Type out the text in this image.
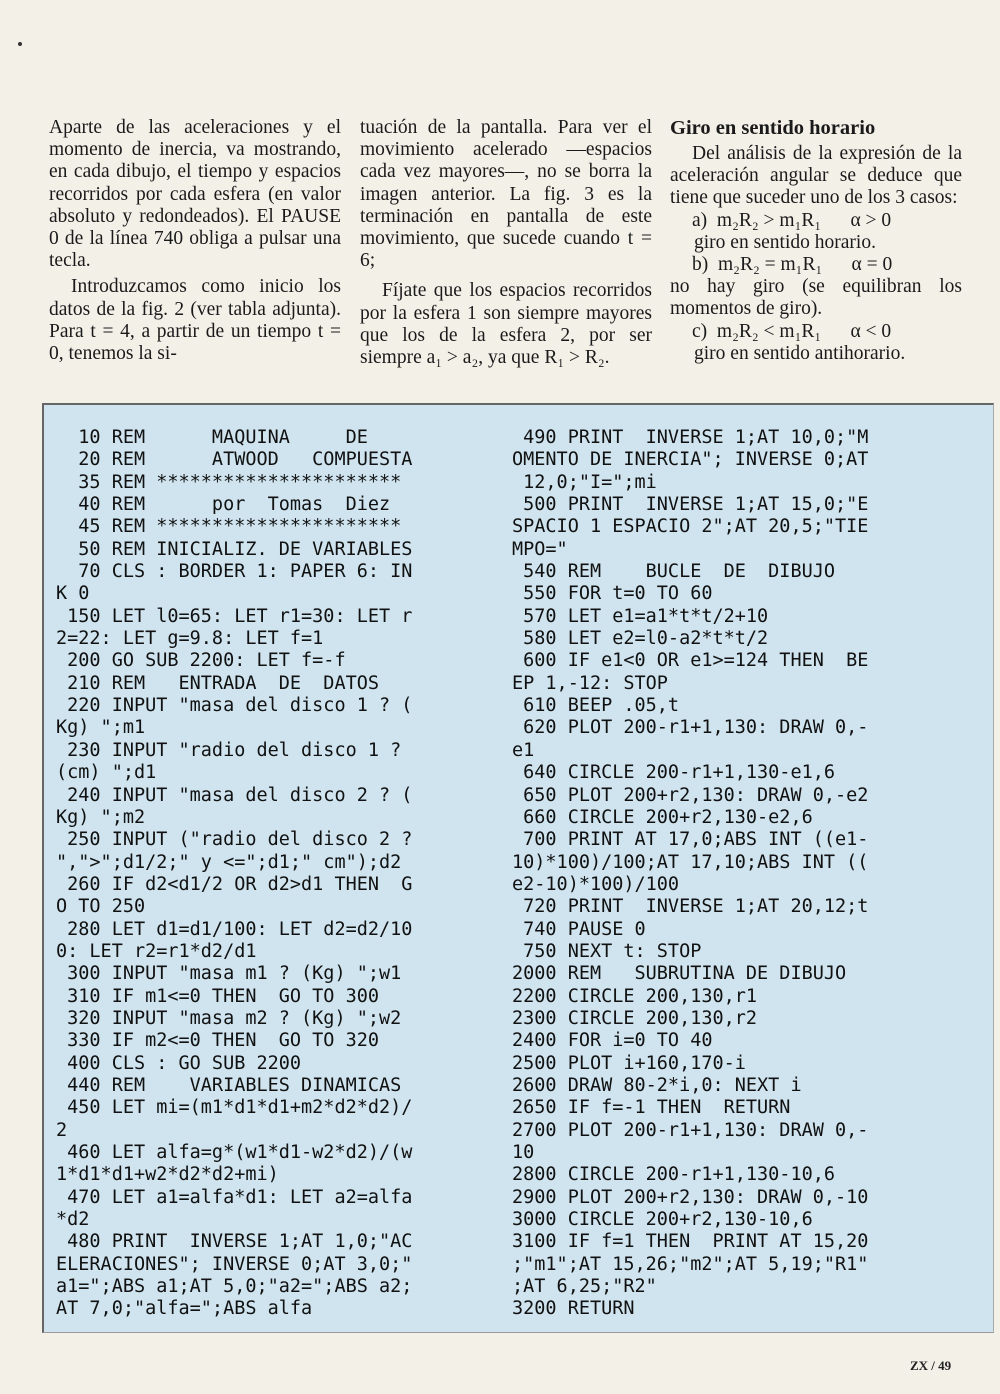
Aparte de las aceleraciones y el momento de inercia, va mostrando, en cada dibujo, el tiempo y espacios recorridos por cada esfera (en valor absoluto y redondeados). El PAUSE 0 de la línea 740 obliga a pulsar una tecla.

Introduzcamos como inicio los datos de la fig. 2 (ver tabla adjunta). Para t = 4, a partir de un tiempo t = 0, tenemos la si-

tuación de la pantalla. Para ver el movimiento acelerado —espacios cada vez mayores—, no se borra la imagen anterior. La fig. 3 es la terminación en pantalla de este movimiento, que sucede cuando t = 6;

Fíjate que los espacios recorridos por la esfera 1 son siempre mayores que los de la esfera 2, por ser siempre a₁ > a₂, ya que R₁ > R₂.

Giro en sentido horario

Del análisis de la expresión de la aceleración angular se deduce que tiene que suceder uno de los 3 casos:

a)  m₂R₂ > m₁R₁      α > 0
giro en sentido horario.
b)  m₂R₂ = m₁R₁      α = 0
no hay giro (se equilibran los momentos de giro).
c)  m₂R₂ < m₁R₁      α < 0
giro en sentido antihorario.
10 REM      MAQUINA     DE
20 REM      ATWOOD   COMPUESTA
35 REM **********************
40 REM      por  Tomas  Diez
45 REM **********************
50 REM INICIALIZ. DE VARIABLES
70 CLS : BORDER 1: PAPER 6: IN
K 0
150 LET l0=65: LET r1=30: LET r
2=22: LET g=9.8: LET f=1
200 GO SUB 2200: LET f=-f
210 REM   ENTRADA  DE  DATOS
220 INPUT "masa del disco 1 ? (
Kg) ";m1
230 INPUT "radio del disco 1 ?
(cm) ";d1
240 INPUT "masa del disco 2 ? (
Kg) ";m2
250 INPUT ("radio del disco 2 ?
",">";d1/2;" y <=";d1;" cm");d2
260 IF d2<d1/2 OR d2>d1 THEN  G
O TO 250
280 LET d1=d1/100: LET d2=d2/10
0: LET r2=r1*d2/d1
300 INPUT "masa m1 ? (Kg) ";w1
310 IF m1<=0 THEN  GO TO 300
320 INPUT "masa m2 ? (Kg) ";w2
330 IF m2<=0 THEN  GO TO 320
400 CLS : GO SUB 2200
440 REM    VARIABLES DINAMICAS
450 LET mi=(m1*d1*d1+m2*d2*d2)/
2
460 LET alfa=g*(w1*d1-w2*d2)/(w
1*d1*d1+w2*d2*d2+mi)
470 LET a1=alfa*d1: LET a2=alfa
*d2
480 PRINT  INVERSE 1;AT 1,0;"AC
ELERACIONES"; INVERSE 0;AT 3,0;"
a1=";ABS a1;AT 5,0;"a2=";ABS a2;
AT 7,0;"alfa=";ABS alfa
490 PRINT  INVERSE 1;AT 10,0;"M
OMENTO DE INERCIA"; INVERSE 0;AT
12,0;"I=";mi
500 PRINT  INVERSE 1;AT 15,0;"E
SPACIO 1 ESPACIO 2";AT 20,5;"TIE
MPO="
540 REM    BUCLE  DE  DIBUJO
550 FOR t=0 TO 60
570 LET e1=a1*t*t/2+10
580 LET e2=l0-a2*t*t/2
600 IF e1<0 OR e1>=124 THEN  BE
EP 1,-12: STOP
610 BEEP .05,t
620 PLOT 200-r1+1,130: DRAW 0,-
e1
640 CIRCLE 200-r1+1,130-e1,6
650 PLOT 200+r2,130: DRAW 0,-e2
660 CIRCLE 200+r2,130-e2,6
700 PRINT AT 17,0;ABS INT ((e1-
10)*100)/100;AT 17,10;ABS INT ((
e2-10)*100)/100
720 PRINT  INVERSE 1;AT 20,12;t
740 PAUSE 0
750 NEXT t: STOP
2000 REM   SUBRUTINA DE DIBUJO
2200 CIRCLE 200,130,r1
2300 CIRCLE 200,130,r2
2400 FOR i=0 TO 40
2500 PLOT i+160,170-i
2600 DRAW 80-2*i,0: NEXT i
2650 IF f=-1 THEN  RETURN
2700 PLOT 200-r1+1,130: DRAW 0,-
10
2800 CIRCLE 200-r1+1,130-10,6
2900 PLOT 200+r2,130: DRAW 0,-10
3000 CIRCLE 200+r2,130-10,6
3100 IF f=1 THEN  PRINT AT 15,20
;"m1";AT 15,26;"m2";AT 5,19;"R1"
;AT 6,25;"R2"
3200 RETURN
ZX / 49
